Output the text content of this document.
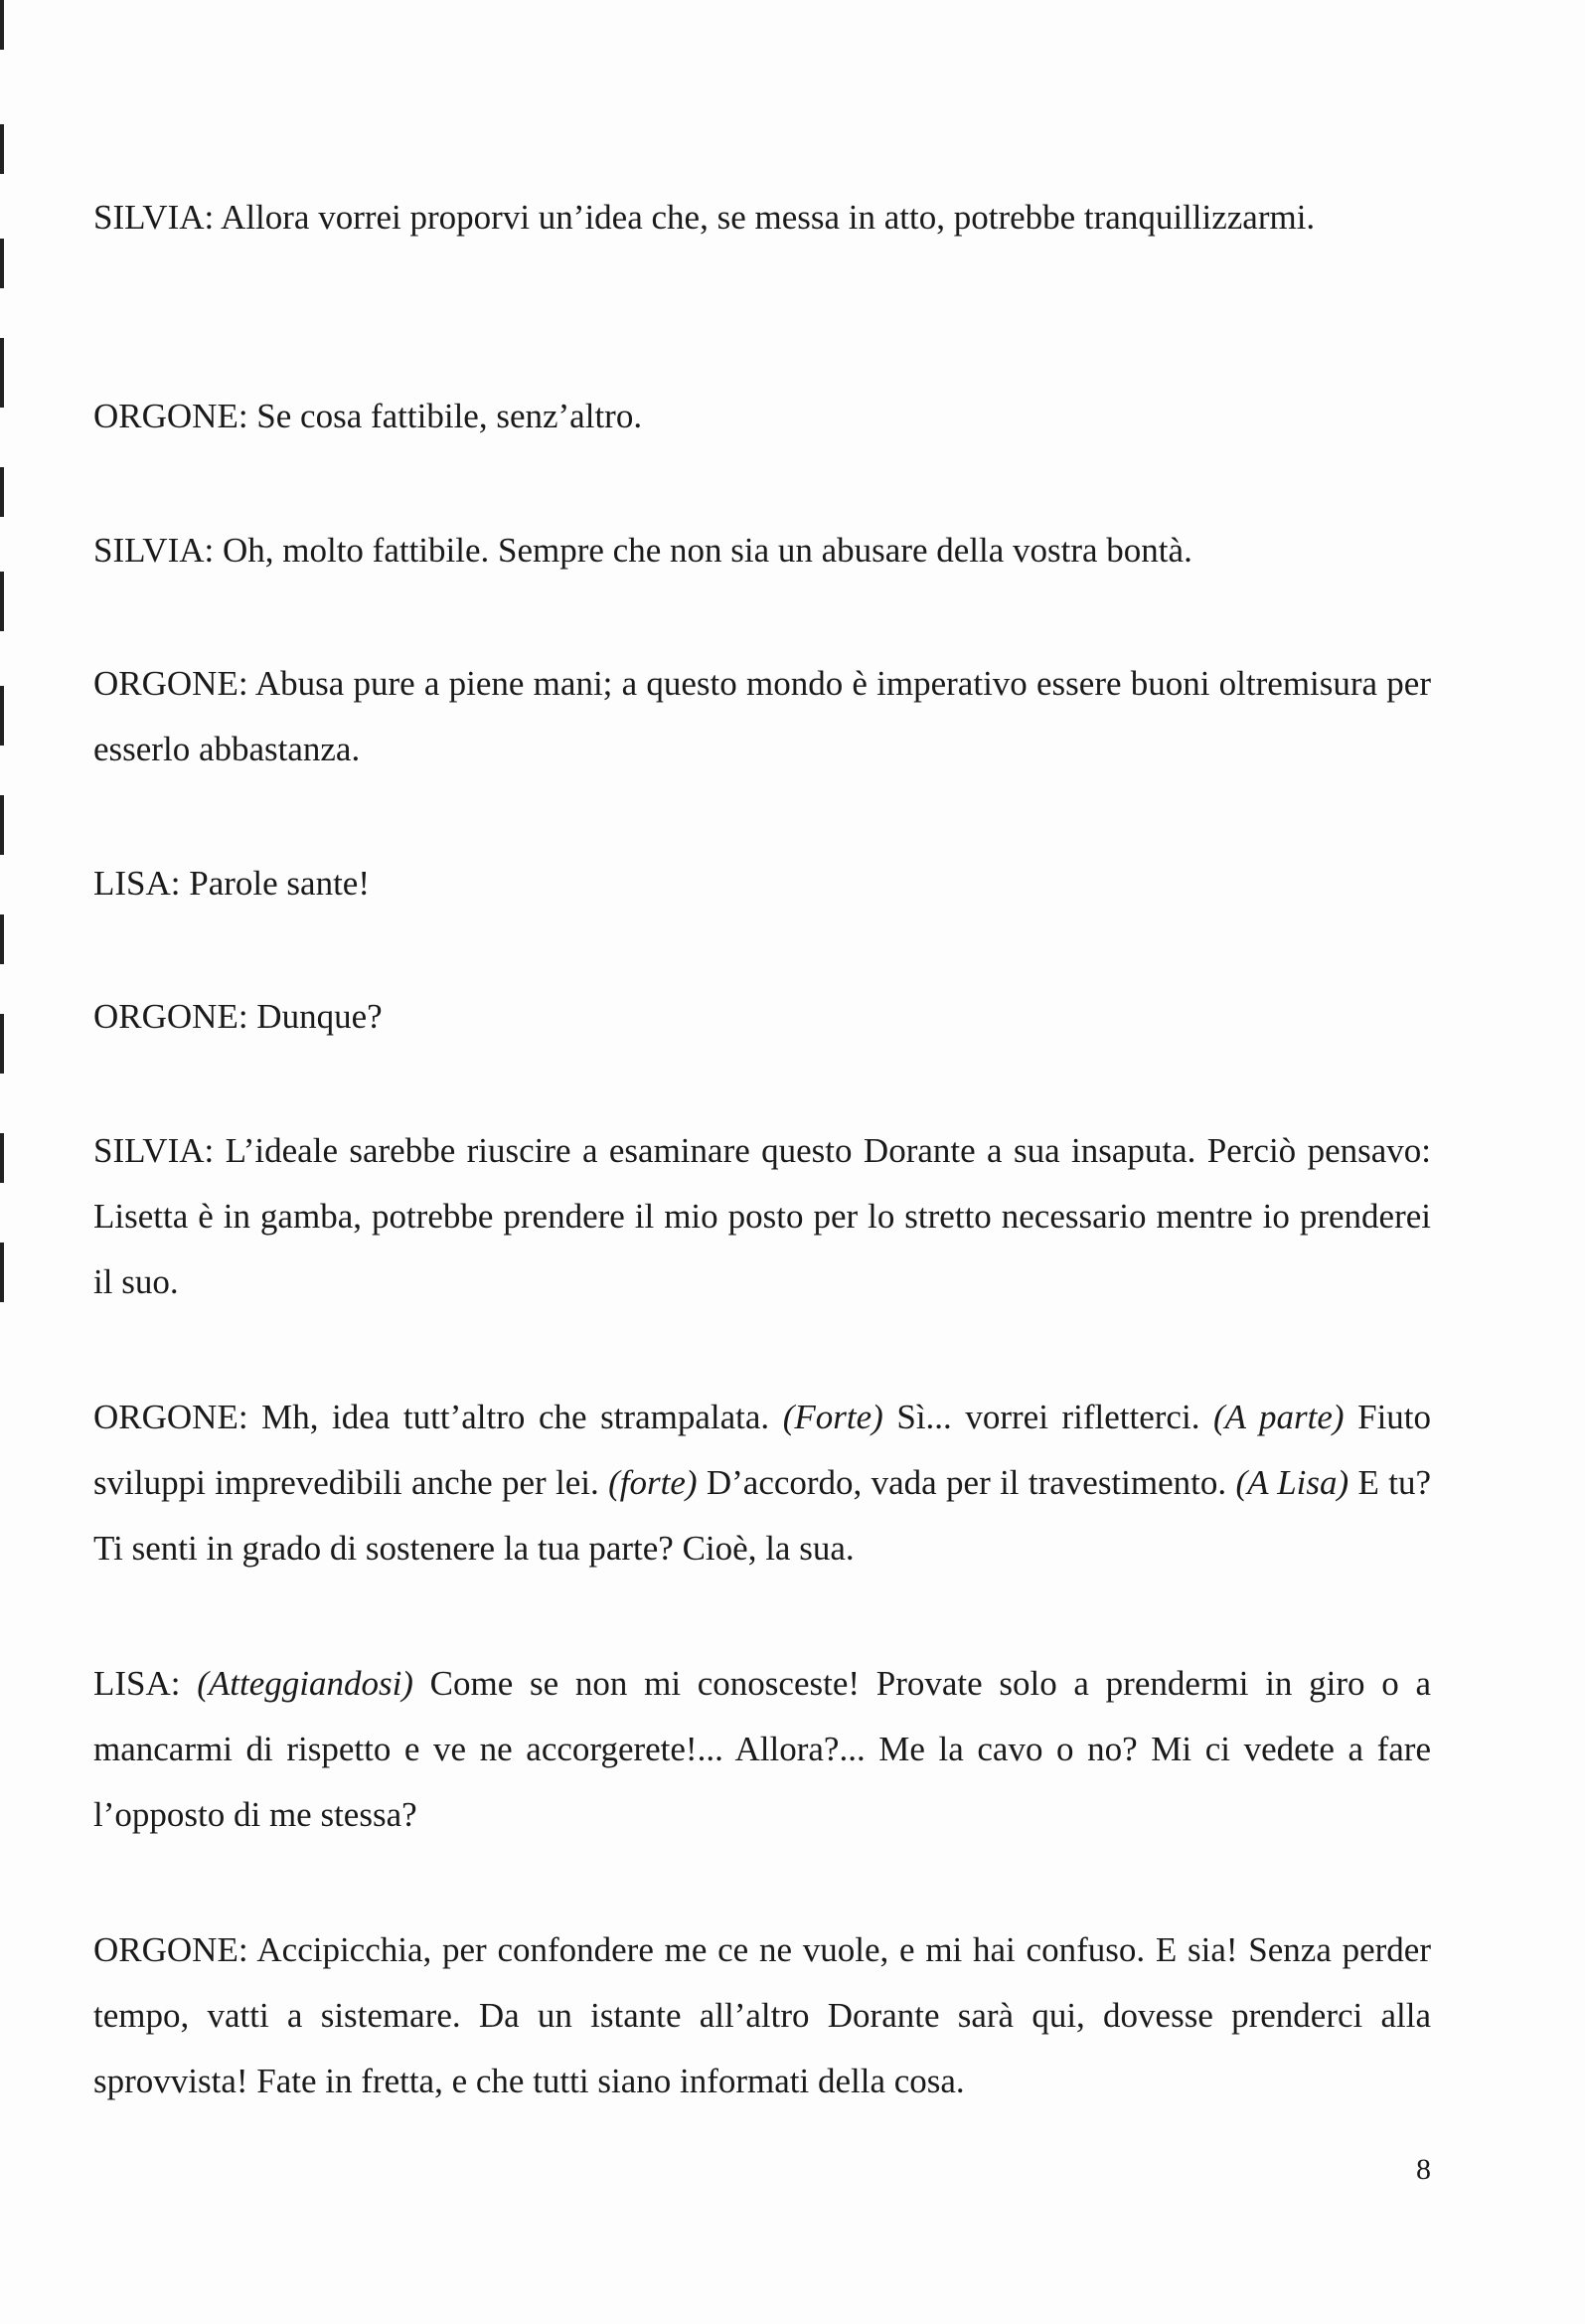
SILVIA: Allora vorrei proporvi un’idea che, se messa in atto, potrebbe tranquillizzarmi.

ORGONE: Se cosa fattibile, senz’altro.

SILVIA: Oh, molto fattibile. Sempre che non sia un abusare della vostra bontà.

ORGONE: Abusa pure a piene mani; a questo mondo è imperativo essere buoni oltremisura per esserlo abbastanza.

LISA: Parole sante!

ORGONE: Dunque?

SILVIA: L’ideale sarebbe riuscire a esaminare questo Dorante a sua insaputa. Perciò pensavo: Lisetta è in gamba, potrebbe prendere il mio posto per lo stretto necessario mentre io prenderei il suo.

ORGONE: Mh, idea tutt’altro che strampalata. (Forte) Sì... vorrei rifletterci. (A parte) Fiuto sviluppi imprevedibili anche per lei. (forte) D’accordo, vada per il travestimento. (A Lisa) E tu? Ti senti in grado di sostenere la tua parte? Cioè, la sua.

LISA: (Atteggiandosi) Come se non mi conosceste! Provate solo a prendermi in giro o a mancarmi di rispetto e ve ne accorgerete!... Allora?... Me la cavo o no? Mi ci vedete a fare l’opposto di me stessa?

ORGONE: Accipicchia, per confondere me ce ne vuole, e mi hai confuso. E sia! Senza perder tempo, vatti a sistemare. Da un istante all’altro Dorante sarà qui, dovesse prenderci alla sprovvista! Fate in fretta, e che tutti siano informati della cosa.

8
